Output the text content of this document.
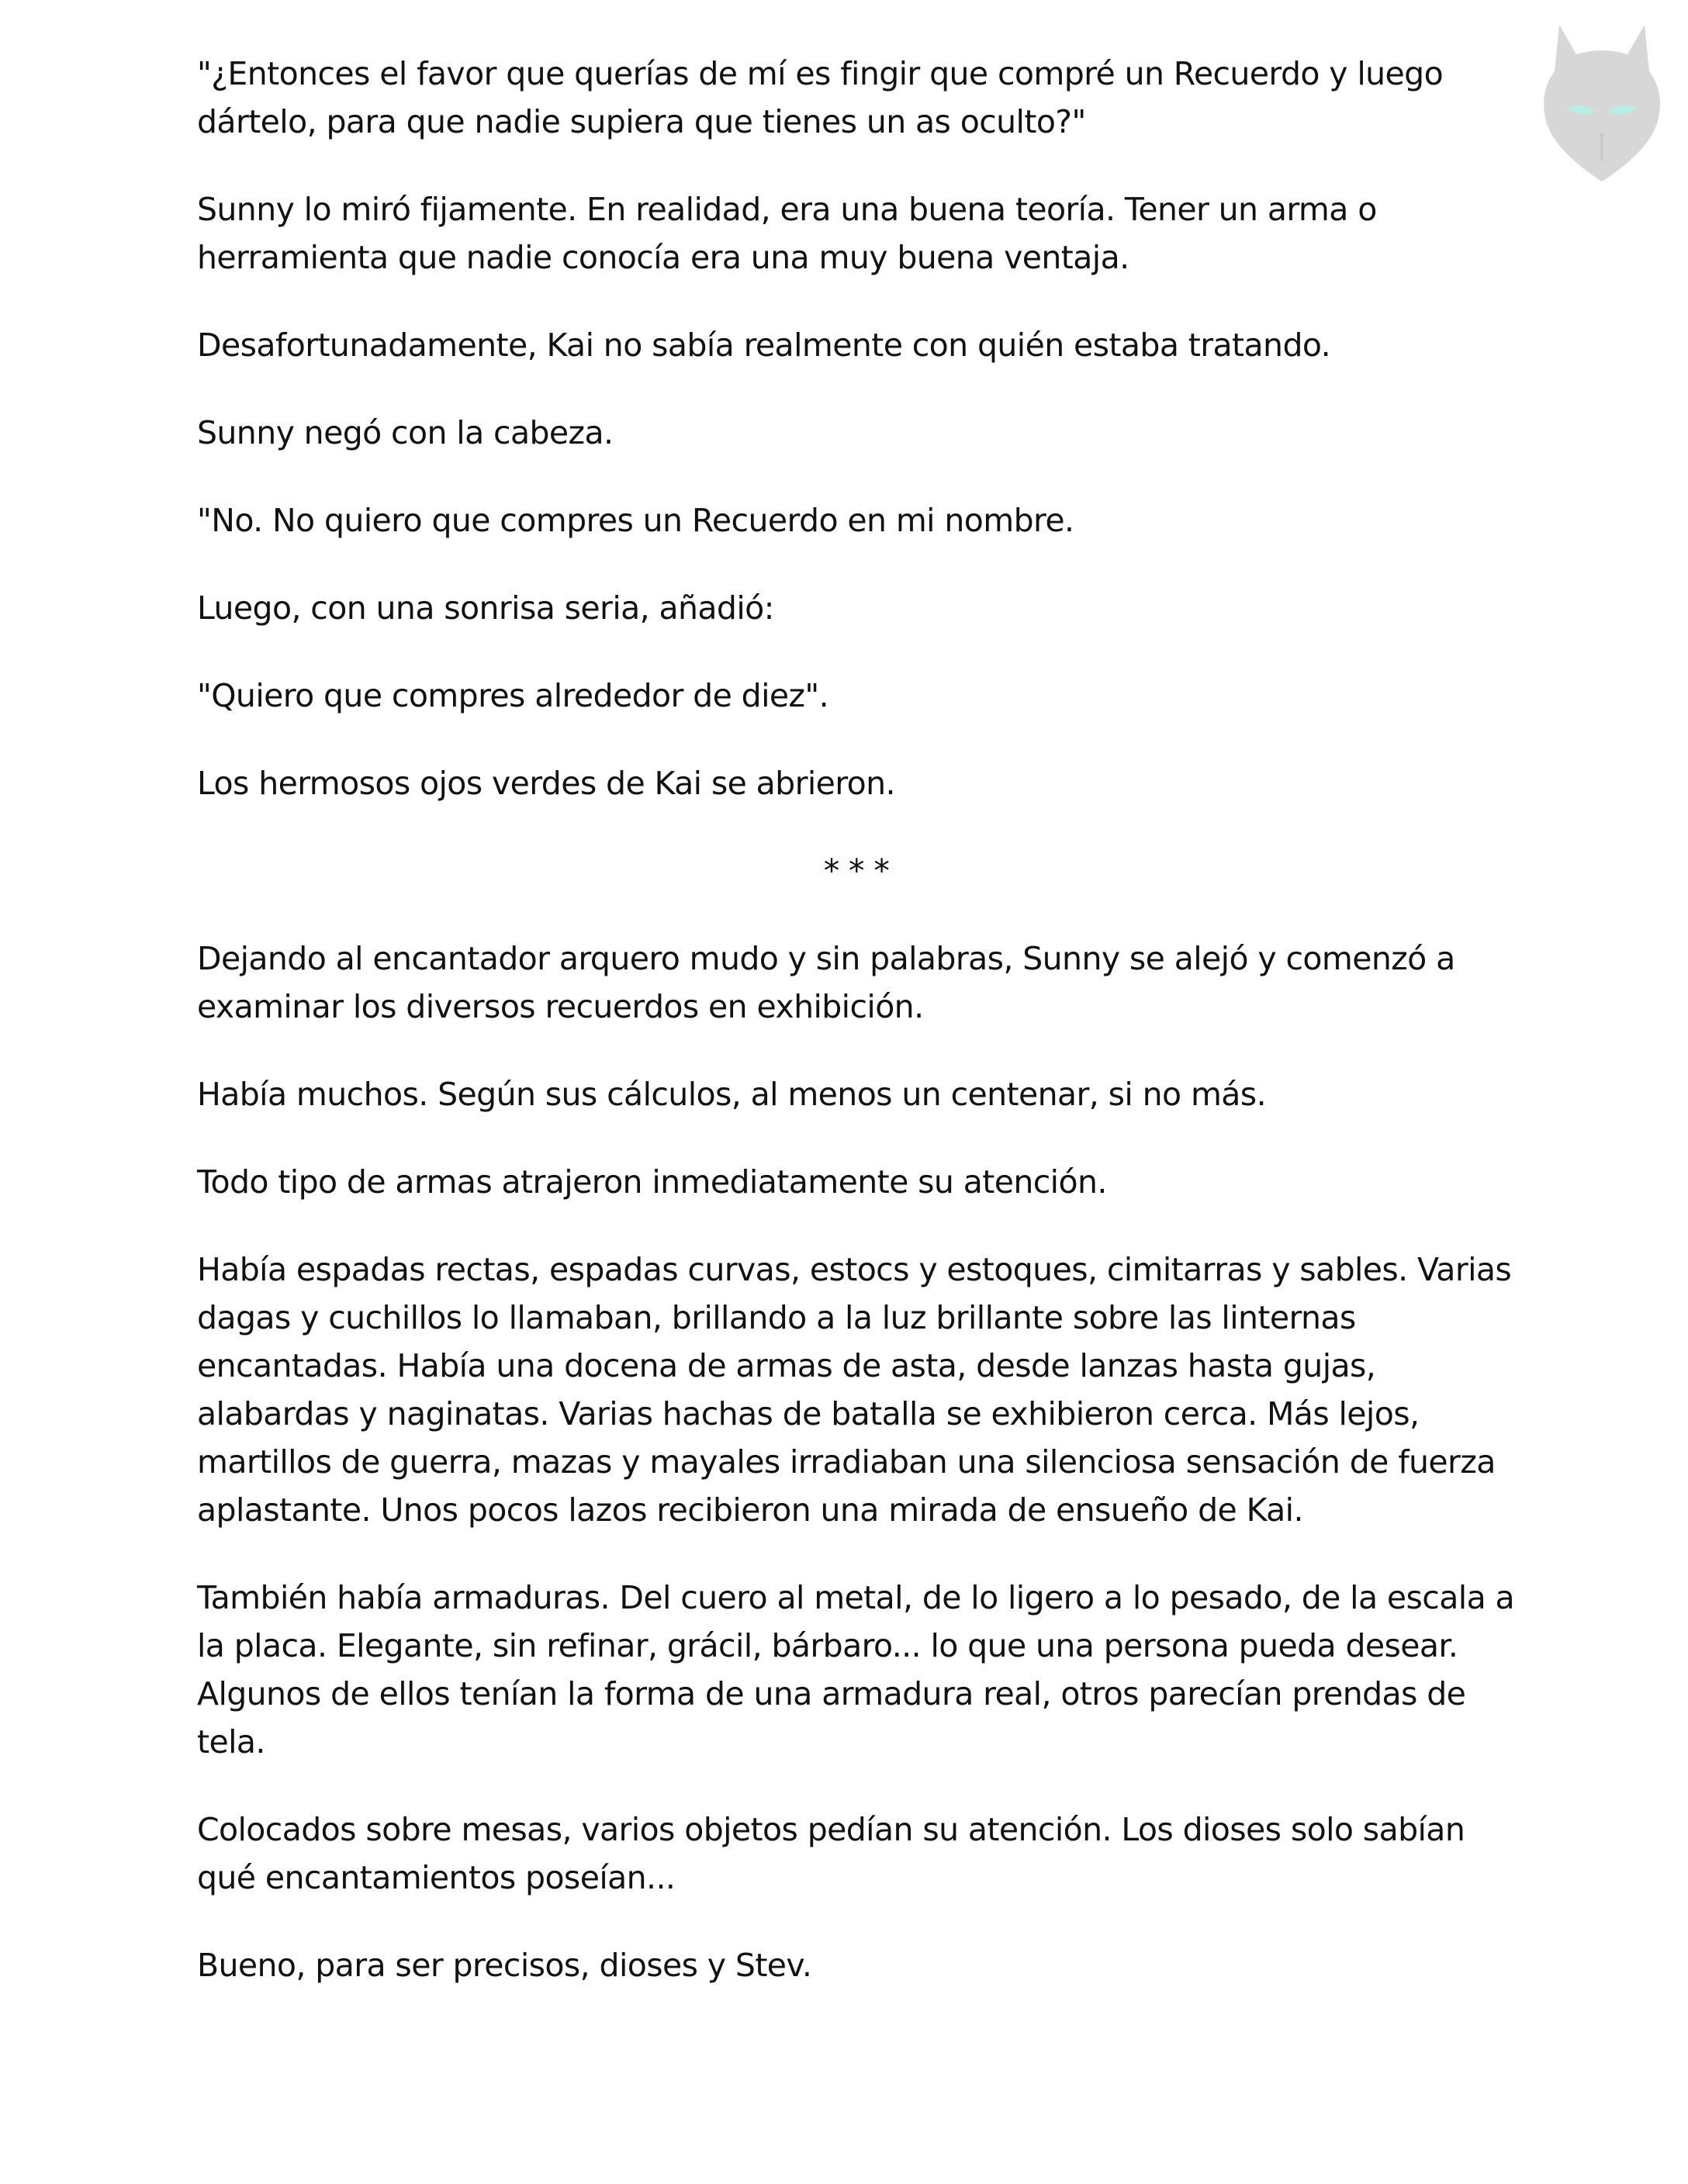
"¿Entonces el favor que querías de mí es fingir que compré un Recuerdo y luego dártelo, para que nadie supiera que tienes un as oculto?"

Sunny lo miró fijamente. En realidad, era una buena teoría. Tener un arma o herramienta que nadie conocía era una muy buena ventaja.

Desafortunadamente, Kai no sabía realmente con quién estaba tratando.

Sunny negó con la cabeza.

"No. No quiero que compres un Recuerdo en mi nombre.

Luego, con una sonrisa seria, añadió:

"Quiero que compres alrededor de diez".

Los hermosos ojos verdes de Kai se abrieron.

* * *

Dejando al encantador arquero mudo y sin palabras, Sunny se alejó y comenzó a examinar los diversos recuerdos en exhibición.

Había muchos. Según sus cálculos, al menos un centenar, si no más.

Todo tipo de armas atrajeron inmediatamente su atención.

Había espadas rectas, espadas curvas, estocs y estoques, cimitarras y sables. Varias dagas y cuchillos lo llamaban, brillando a la luz brillante sobre las linternas encantadas. Había una docena de armas de asta, desde lanzas hasta gujas, alabardas y naginatas. Varias hachas de batalla se exhibieron cerca. Más lejos, martillos de guerra, mazas y mayales irradiaban una silenciosa sensación de fuerza aplastante. Unos pocos lazos recibieron una mirada de ensueño de Kai.

También había armaduras. Del cuero al metal, de lo ligero a lo pesado, de la escala a la placa. Elegante, sin refinar, grácil, bárbaro... lo que una persona pueda desear. Algunos de ellos tenían la forma de una armadura real, otros parecían prendas de tela.

Colocados sobre mesas, varios objetos pedían su atención. Los dioses solo sabían qué encantamientos poseían...

Bueno, para ser precisos, dioses y Stev.
